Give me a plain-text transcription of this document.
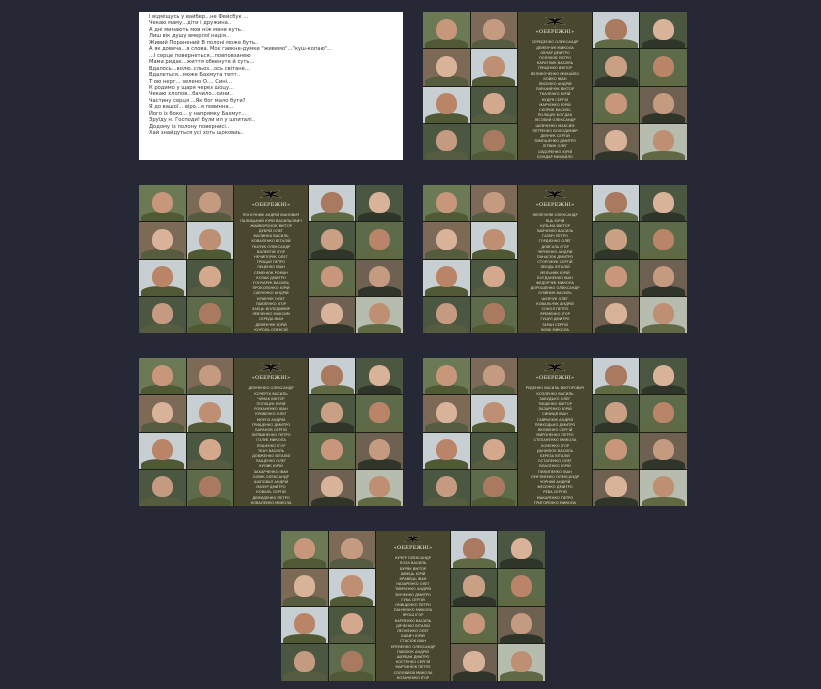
І відміщусь у вайбер...не Фейсбук ...
Чекаю маму...діти і дружина..
А дні минають мов ніж мене куть..
Лиш вік душу вмерлої надія..
Живий Поранений В полоні може буть..
А як довеча...я слова. Моє гавкне-думки "живемо"..."куш-копаю"...
...І серце повернеться...повповзанею
Мама ридає...життя обвенуте й суть...
Вдалось...волю..сльоз...ось світане...
Вдалеться...може Бахмутa тепт..
Т ою нерг... зелено О.... Сині...
К родимо у щаря через шоцу...
Чекаю хлопов...бачило...сини..
Частину серця ...Як бог мало бути?
Я до вашої... віро...я повинна...
Його із боко... у напрямку Бахмут...
Зруїду н. Господи! були ил у шпиталі..
Додому із полону повернисі..
Хай знайдуться усі хоть щоковиь..
«ОБЕРЕЖНІ»
СЕРЕДЕНКО ОЛЕКСАНДР
ДЕМЕНЧУК МИКОЛА
ОВЧАР ДМИТРО
ПОЛЯКОВ ПЕТРО
КАРАТНИК ВАСИЛЬ
ГРИЦЕНКО ВІКТОР
ВЕЛИКОЧЕНКО МИХАЙЛО
БОЙКО ІВАН
ЛИСЕНКО АНДРІЙ
ПАРАФІЙЧУК ВІКТОР
ТКАЧЕНКО ЮРІЙ
КУДРЯ СЕРГІЙ
МАРЧЕНКО ЮРІЙ
СКОРИК ВАСИЛЬ
ПОЛІЩУК БОГДАН
ЛІСОВИЙ ОЛЕКСАНДР
ШЕВЧЕНКО МАКСИМ
ПЕТРЕНКО ВОЛОДИМИР
ДЕМЧУК СЕРГІЙ
ТИМОШЕНКО ДМИТРО
ЛІТВИН ОЛЕГ
СИДОРЕНКО ЮРІЙ
БОНДАР МИХАЙЛО
«ОБЕРЕЖНІ»
ПОНОЧНИК АНДРІЙ ІВАНОВИЧ
ПАЛИЦЬКИЙ ЮРІЙ ВАСИЛЬОВИЧ
ЖАЙВОРОНОК ВІКТОР
ДУБРІЙ ОЛЕГ
МАЛИНКА ВАСИЛЬ
КОВАЛЕНКО ВІТАЛІЙ
ТКАЧУК ОЛЕКСАНДР
ВАЛЕНТІЙ ІГОР
НЕЧИПОРУК ОЛЕГ
ГРИЦАЙ ПЕТРО
ЛУЦЕНКО ІВАН
СЕМЕНЮК РОМАН
КОЗАК ДМИТРО
ГОНЧАРУК ВАСИЛЬ
ПРОКОПЕНКО ЮРІЙ
САВЧЕНКО АНДРІЙ
КРАВЧУК ОЛЕГ
ПАВЛЕНКО ІГОР
ЗАЄЦЬ ВОЛОДИМИР
ЛЕВЧЕНКО МАКСИМ
СЕРЕДА ІВАН
ДЕМЕНЧУК ЮРІЙ
КОРОЛЬ ОЛЕКСІЙ
«ОБЕРЕЖНІ»
ЖЕЛЕЗНЯК ОЛЕКСАНДР
ЯЦЬ ЮРІЙ
КУЗЬМА ВІКТОР
ЗАЙЧЕНКО ВАСИЛЬ
ГАЛИЧ ПЕТРО
ГОРДІЄНКО ОЛЕГ
ДОВГАЛЬ ІГОР
ЧЕРНЕНКО АНДРІЙ
ПАНАСЮК ДМИТРО
СТОРОЖУК СЕРГІЙ
ЛЕБІДЬ ВІТАЛІЙ
МЕЛЬНИК ЮРІЙ
БОГДАНЕНКО ІВАН
ФЕДОРЧУК МИКОЛА
ДОРОШЕНКО ОЛЕКСАНДР
ОЛІЙНИК ВАСИЛЬ
ШЕВЧУК ОЛЕГ
КОВАЛЬЧУК АНДРІЙ
СОКОЛ ПЕТРО
ЯРЕМЕНКО ІГОР
ГУЦУЛ ДМИТРО
ТАРАН СЕРГІЙ
ВОВК МИКОЛА
«ОБЕРЕЖНІ»
ДЕМЧЕНКО ОЛЕКСАНДР
КОЧЕРГА ВАСИЛЬ
ЧУМАК ВІКТОР
ПОЛІЩУК ЮРІЙ
РОМАНЕНКО ІВАН
КРИВЕНКО ОЛЕГ
МОРОЗ АНДРІЙ
ГРИЩЕНКО ДМИТРО
БАРАНОВ СЕРГІЙ
ЛИТВИНЕНКО ПЕТРО
ГОЛУБ МИКОЛА
ЛЯШЕНКО ІГОР
ТКАЧ ВАСИЛЬ
ДОВЖЕНКО ВІТАЛІЙ
ПАЩЕНКО ОЛЕГ
КУЛИК ЮРІЙ
ЗАХАРЧЕНКО ІВАН
БІЛИК ОЛЕКСАНДР
ШАПОВАЛ АНДРІЙ
МАЗУР ДМИТРО
КОВАЛЬ СЕРГІЙ
ДЕМИДЕНКО ПЕТРО
КОВАЛЕНКО МИКОЛА
«ОБЕРЕЖНІ»
РУДЕНКО ВАСИЛЬ ВІКТОРОВИЧ
КОЗЛЕНКО ВАСИЛЬ
ЗАБУДЬКО ОЛЕГ
ТИЩЕНКО ВІКТОР
ЛАЗАРЕНКО ЮРІЙ
СИНИЦЯ ІВАН
ГАВРИЛЮК АНДРІЙ
ПРИХОДЬКО ДМИТРО
ЯКОВЕНКО СЕРГІЙ
МИРОНЕНКО ПЕТРО
СТЕПАНЕНКО МИКОЛА
ХОМЕНКО ІГОР
ДАНИЛЮК ВАСИЛЬ
БЕРЕЗА ВІТАЛІЙ
ОСТАПЕНКО ОЛЕГ
ВЛАСЕНКО ЮРІЙ
ПИЛИПЕНКО ІВАН
ЛУК'ЯНЕНКО ОЛЕКСАНДР
ЧОРНИЙ АНДРІЙ
ФЕСЕНКО ДМИТРО
РЕВА СЕРГІЙ
МАКАРЕНКО ПЕТРО
ГРИГОРЕНКО МИКОЛА
«ОБЕРЕЖНІ»
КУЧЕР ОЛЕКСАНДР
ЛОЗА ВАСИЛЬ
БУРЯК ВІКТОР
ШВЕЦЬ ЮРІЙ
КРАВЕЦЬ ІВАН
НАЗАРЕНКО ОЛЕГ
ТИМЧЕНКО АНДРІЙ
ЗІНЧЕНКО ДМИТРО
ГУБА СЕРГІЙ
ОНИЩЕНКО ПЕТРО
ПАНЧЕНКО МИКОЛА
ЯРОШ ІГОР
КАРПЕНКО ВАСИЛЬ
ДЯЧЕНКО ВІТАЛІЙ
ЛЕОНЕНКО ОЛЕГ
БАБИЧ ЮРІЙ
СТАСЮК ІВАН
ЄРЕМЕНКО ОЛЕКСАНДР
ПАВЛЮК АНДРІЙ
ЩЕРБАК ДМИТРО
КОСТЕНКО СЕРГІЙ
МАРТИНЮК ПЕТРО
СОЛОВЙОВ МИКОЛА
КОЗАЧЕНКО ІГОР
